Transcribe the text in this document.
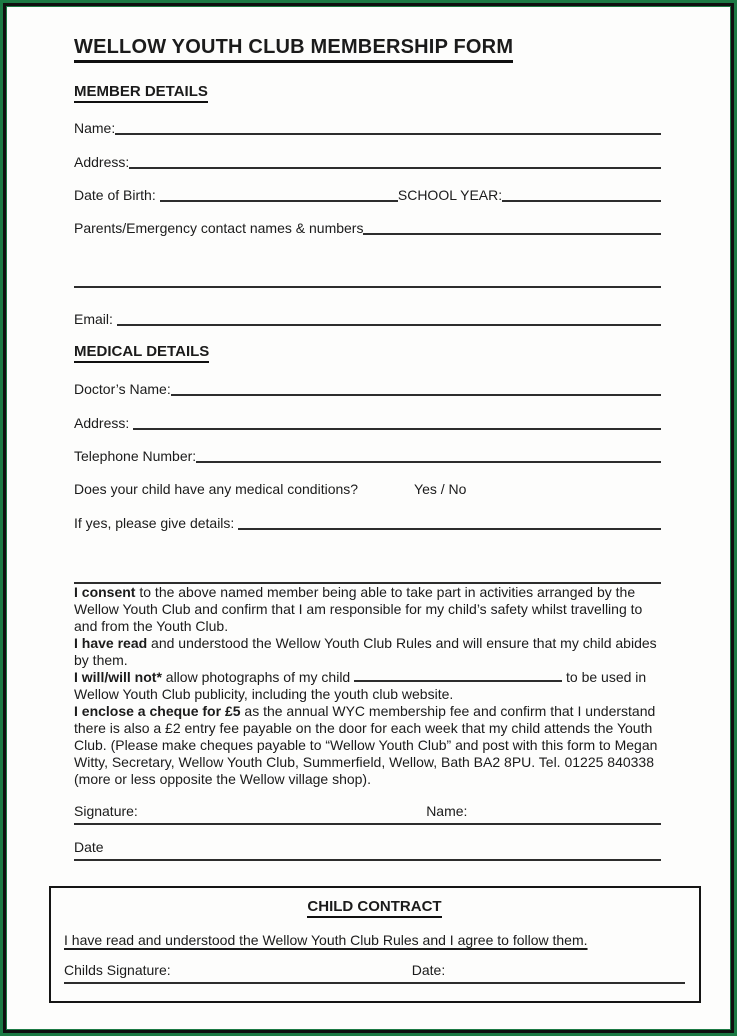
WELLOW YOUTH CLUB MEMBERSHIP FORM
MEMBER DETAILS
Name:
Address:
Date of Birth:	SCHOOL YEAR:
Parents/Emergency contact names & numbers
Email:
MEDICAL DETAILS
Doctor’s Name:
Address:
Telephone Number:
Does your child have any medical conditions?	Yes / No
If yes, please give details:

I consent to the above named member being able to take part in activities arranged by the Wellow Youth Club and confirm that I am responsible for my child’s safety whilst travelling to and from the Youth Club.

I have read and understood the Wellow Youth Club Rules and will ensure that my child abides by them.

I will/will not* allow photographs of my child	to be used in Wellow Youth Club publicity, including the youth club website.

I enclose a cheque for £5 as the annual WYC membership fee and confirm that I understand there is also a £2 entry fee payable on the door for each week that my child attends the Youth Club. (Please make cheques payable to “Wellow Youth Club” and post with this form to Megan Witty, Secretary, Wellow Youth Club, Summerfield, Wellow, Bath BA2 8PU. Tel. 01225 840338 (more or less opposite the Wellow village shop).

Signature:	Name:
Date
CHILD CONTRACT
I have read and understood the Wellow Youth Club Rules and I agree to follow them.
Childs Signature:	Date:
